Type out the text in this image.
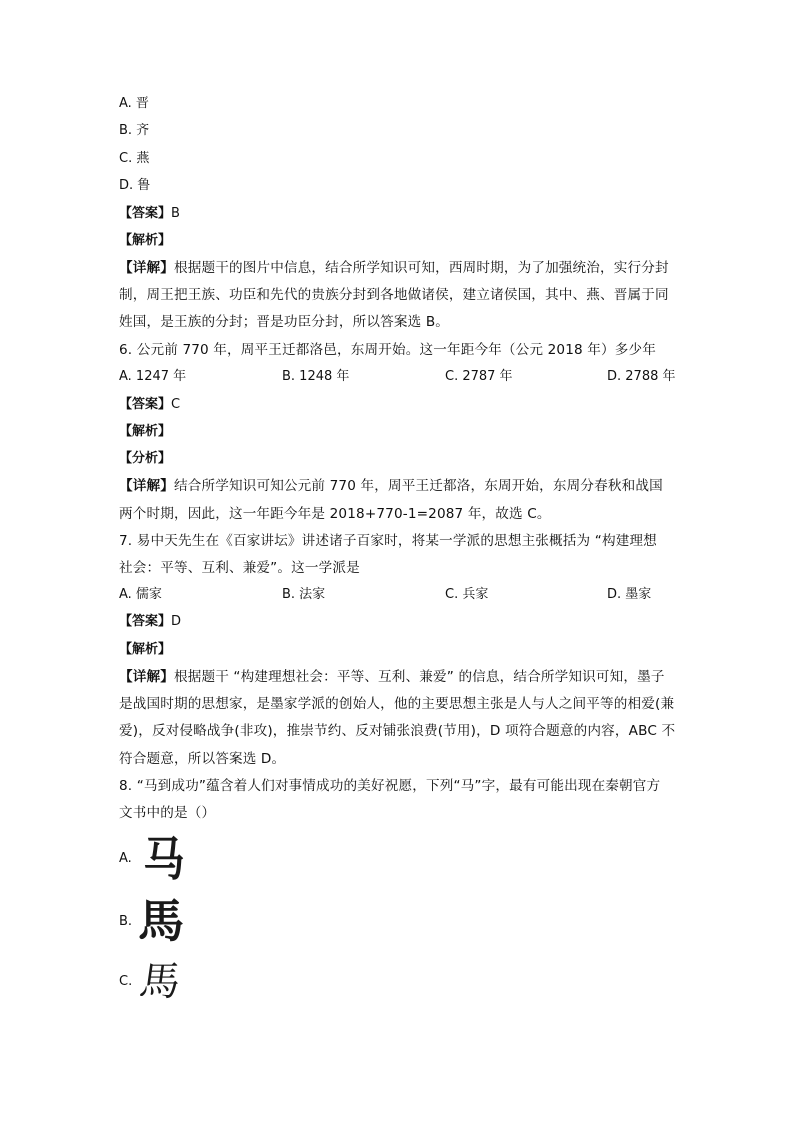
A. 晋
B. 齐
C. 燕
D. 鲁
【答案】B
【解析】
【详解】根据题干的图片中信息，结合所学知识可知，西周时期，为了加强统治，实行分封
制，周王把王族、功臣和先代的贵族分封到各地做诸侯，建立诸侯国，其中、燕、晋属于同
姓国，是王族的分封；晋是功臣分封，所以答案选 B。
6. 公元前 770 年，周平王迁都洛邑，东周开始。这一年距今年（公元 2018 年）多少年
A. 1247 年	B. 1248 年	C. 2787 年	D. 2788 年
【答案】C
【解析】
【分析】
【详解】结合所学知识可知公元前 770 年，周平王迁都洛，东周开始，东周分春秋和战国
两个时期，因此，这一年距今年是 2018+770-1=2087 年，故选 C。
7. 易中天先生在《百家讲坛》讲述诸子百家时，将某一学派的思想主张概括为 “构建理想
社会：平等、互利、兼爱”。这一学派是
A. 儒家	B. 法家	C. 兵家	D. 墨家
【答案】D
【解析】
【详解】根据题干 “构建理想社会：平等、互利、兼爱” 的信息，结合所学知识可知，墨子
是战国时期的思想家，是墨家学派的创始人，他的主要思想主张是人与人之间平等的相爱(兼
爱)，反对侵略战争(非攻)，推崇节约、反对铺张浪费(节用)，D 项符合题意的内容，ABC 不
符合题意，所以答案选 D。
8. “马到成功”蕴含着人们对事情成功的美好祝愿，下列“马”字，最有可能出现在秦朝官方
文书中的是（）
A. 马
B. 馬
C. 馬
